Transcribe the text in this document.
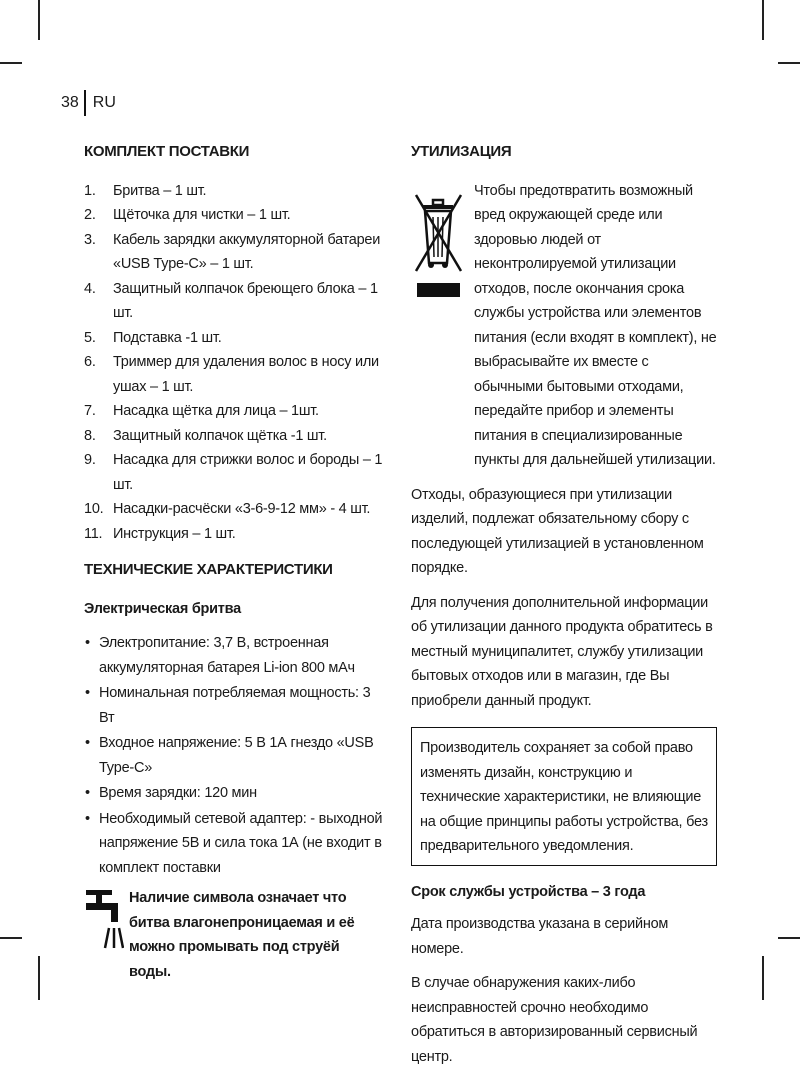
38 RU
КОМПЛЕКТ ПОСТАВКИ
1. Бритва – 1 шт.
2. Щёточка для чистки – 1 шт.
3. Кабель зарядки аккумуляторной батареи «USB Type-C» – 1 шт.
4. Защитный колпачок бреющего блока – 1 шт.
5. Подставка -1 шт.
6. Триммер для удаления волос в носу или ушах – 1 шт.
7. Насадка щётка для лица – 1шт.
8. Защитный колпачок щётка -1 шт.
9. Насадка для стрижки волос и бороды – 1 шт.
10. Насадки-расчёски «3-6-9-12 мм» - 4 шт.
11. Инструкция – 1 шт.
ТЕХНИЧЕСКИЕ ХАРАКТЕРИСТИКИ
Электрическая бритва
• Электропитание: 3,7 В, встроенная аккумуляторная батарея Li-ion 800 мАч
• Номинальная потребляемая мощность: 3 Вт
• Входное напряжение: 5 В 1А гнездо «USB Type-C»
• Время зарядки: 120 мин
• Необходимый сетевой адаптер: - выходной напряжение 5В и сила тока 1А (не входит в комплект поставки
Наличие символа означает что битва влагонепроницаемая и её можно промывать под струёй воды.
УТИЛИЗАЦИЯ

Чтобы предотвратить возможный вред окружающей среде или здоровью людей от неконтролируемой утилизации отходов, после окончания срока службы устройства или элементов питания (если входят в комплект), не выбрасывайте их вместе с обычными бытовыми отходами, передайте прибор и элементы питания в специализированные пункты для дальнейшей утилизации.

Отходы, образующиеся при утилизации изделий, подлежат обязательному сбору с последующей утилизацией в установленном порядке.

Для получения дополнительной информации об утилизации данного продукта обратитесь в местный муниципалитет, службу утилизации бытовых отходов или в магазин, где Вы приобрели данный продукт.

Производитель сохраняет за собой право изменять дизайн, конструкцию и технические характеристики, не влияющие на общие принципы работы устройства, без предварительного уведомления.
Срок службы устройства – 3 года

Дата производства указана в серийном номере.

В случае обнаружения каких-либо неисправностей срочно необходимо обратиться в авторизированный сервисный центр.
